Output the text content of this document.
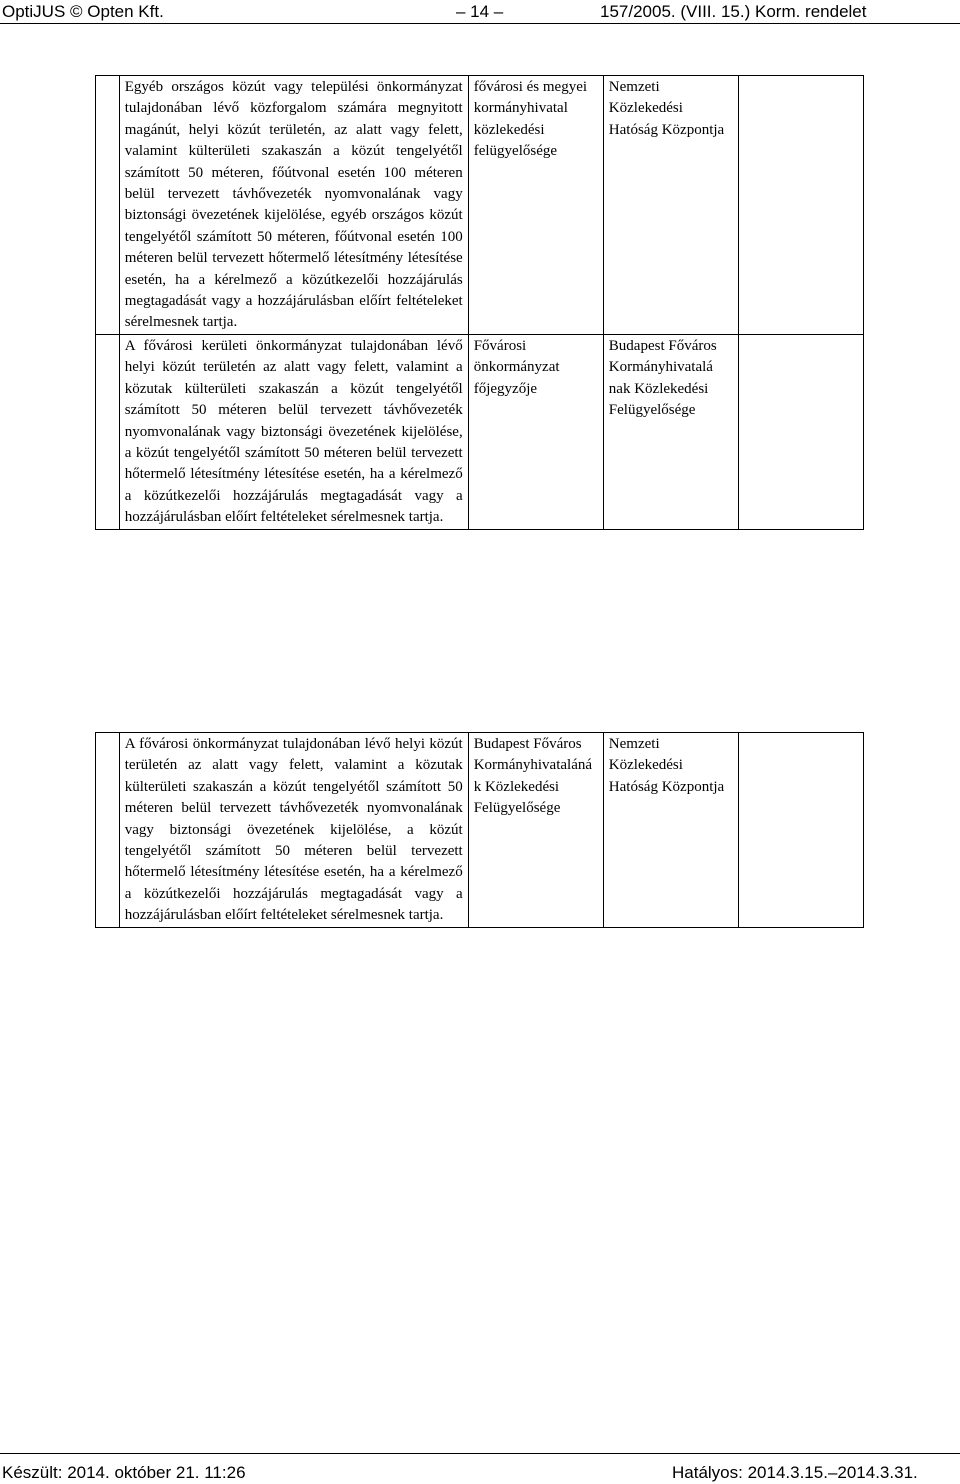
OptiJUS © Opten Kft.	– 14 –	157/2005. (VIII. 15.) Korm. rendelet
	Egyéb országos közút vagy települési önkormányzat tulajdonában lévő közforgalom számára megnyitott magánút, helyi közút területén, az alatt vagy felett, valamint külterületi szakaszán a közút tengelyétől számított 50 méteren, főútvonal esetén 100 méteren belül tervezett távhővezeték nyomvonalának vagy biztonsági övezetének kijelölése, egyéb országos közút tengelyétől számított 50 méteren, főútvonal esetén 100 méteren belül tervezett hőtermelő létesítmény létesítése esetén, ha a kérelmező a közútkezelői hozzájárulás megtagadását vagy a hozzájárulásban előírt feltételeket sérelmesnek tartja.	fővárosi és megyei kormányhivatal közlekedési felügyelősége	Nemzeti Közlekedési Hatóság Központja	
	A fővárosi kerületi önkormányzat tulajdonában lévő helyi közút területén az alatt vagy felett, valamint a közutak külterületi szakaszán a közút tengelyétől számított 50 méteren belül tervezett távhővezeték nyomvonalának vagy biztonsági övezetének kijelölése, a közút tengelyétől számított 50 méteren belül tervezett hőtermelő létesítmény létesítése esetén, ha a kérelmező a közútkezelői hozzájárulás megtagadását vagy a hozzájárulásban előírt feltételeket sérelmesnek tartja.	Fővárosi önkormányzat főjegyzője	Budapest Főváros Kormányhivatalá nak Közlekedési Felügyelősége	
	A fővárosi önkormányzat tulajdonában lévő helyi közút területén az alatt vagy felett, valamint a közutak külterületi szakaszán a közút tengelyétől számított 50 méteren belül tervezett távhővezeték nyomvonalának vagy biztonsági övezetének kijelölése, a közút tengelyétől számított 50 méteren belül tervezett hőtermelő létesítmény létesítése esetén, ha a kérelmező a közútkezelői hozzájárulás megtagadását vagy a hozzájárulásban előírt feltételeket sérelmesnek tartja.	Budapest Főváros Kormányhivataláná k Közlekedési Felügyelősége	Nemzeti Közlekedési Hatóság Központja	
Készült: 2014. október 21. 11:26	Hatályos: 2014.3.15.–2014.3.31.
